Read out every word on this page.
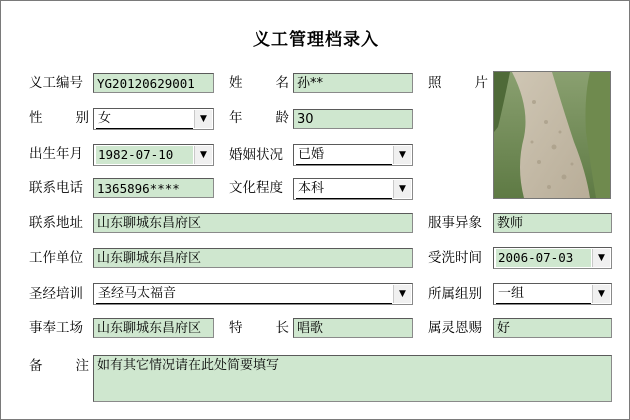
义工管理档录入
义工编号	YG20120629001	姓 名 孙**	照 片
性 别 女	▼	年 龄 30
出生年月 1982-07-10	▼	婚姻状况 已婚	▼
联系电话	1365896****	文化程度 本科	▼
联系地址	山东聊城东昌府区	服事异象	教师
工作单位	山东聊城东昌府区	受洗时间 2006-07-03	▼
圣经培训 圣经马太福音	▼	所属组别 一组	▼
事奉工场	山东聊城东昌府区	特 长 唱歌	属灵恩赐	好
备 注 如有其它情况请在此处简要填写
